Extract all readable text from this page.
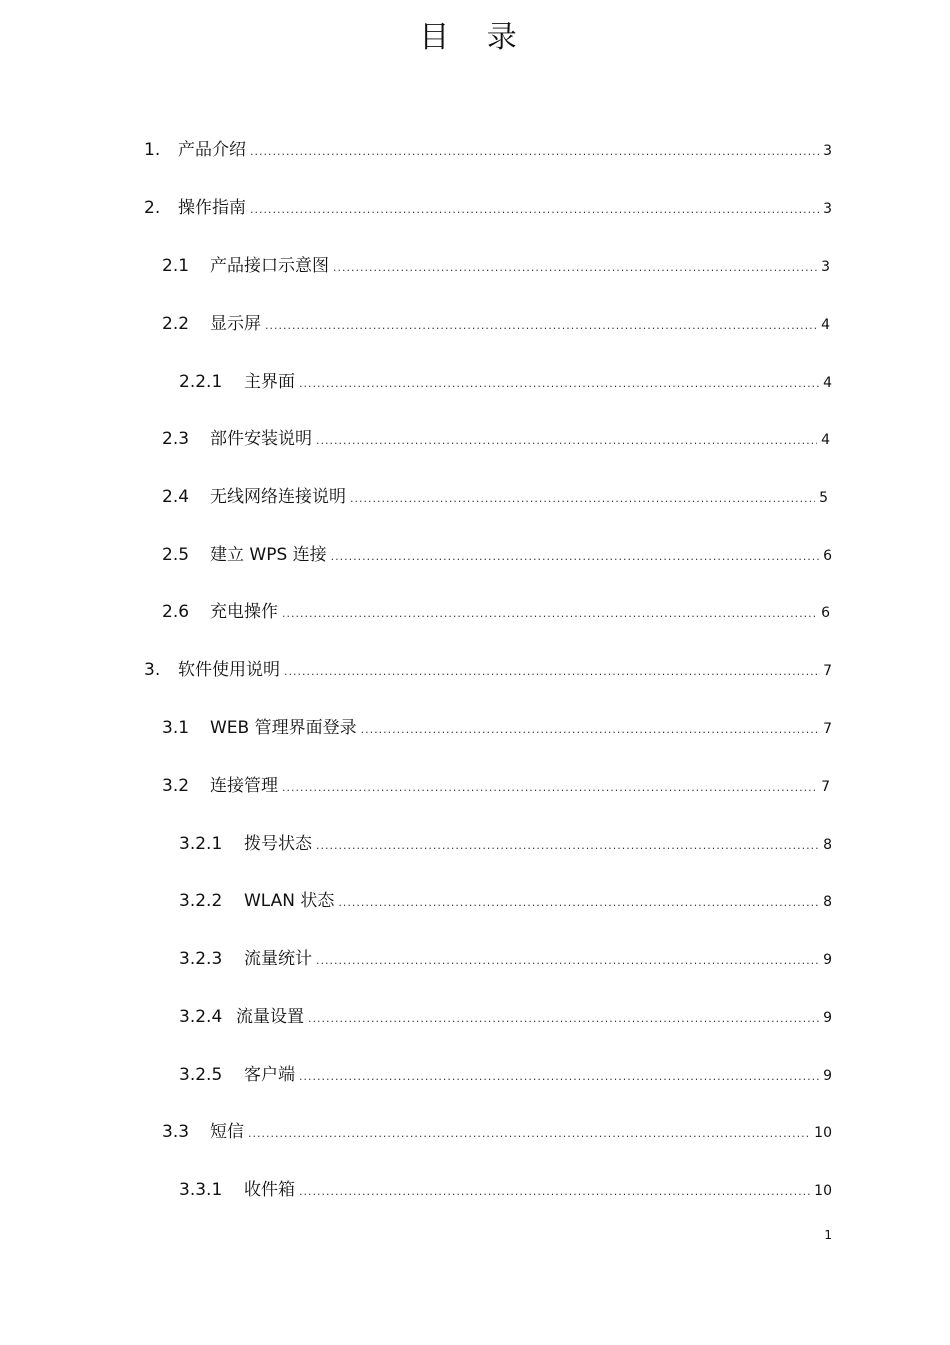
目 录
1.	产品介绍 .....	3
2.	操作指南 .....	3
2.1	产品接口示意图 .....	3
2.2	显示屏 .....	4
2.2.1	主界面 .....	4
2.3	部件安装说明 .....	4
2.4	无线网络连接说明 .....	5
2.5	建立 WPS 连接 .....	6
2.6	充电操作 .....	6
3.	软件使用说明 .....	7
3.1	WEB 管理界面登录 .....	7
3.2	连接管理 .....	7
3.2.1	拨号状态 .....	8
3.2.2	WLAN 状态 .....	8
3.2.3	流量统计 .....	9
3.2.4 流量设置 .....	9
3.2.5	客户端 .....	9
3.3	短信 .....	10
3.3.1	收件箱 .....	10
1
